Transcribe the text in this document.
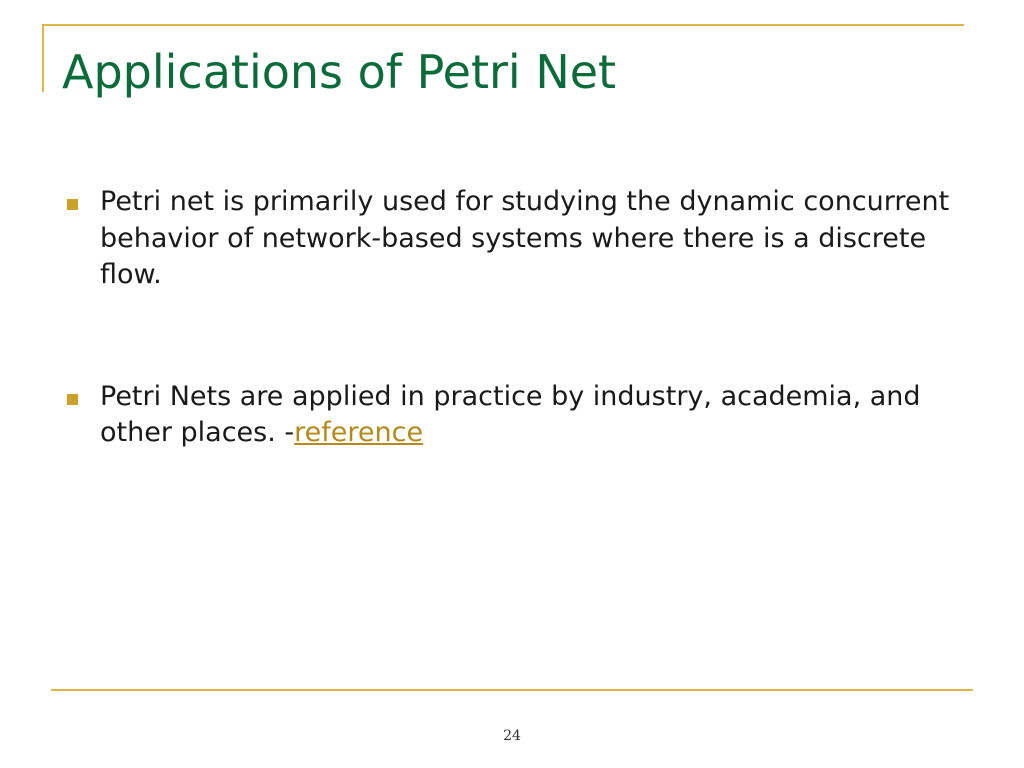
Applications of Petri Net
Petri net is primarily used for studying the dynamic concurrent behavior of network-based systems where there is a discrete flow.
Petri Nets are applied in practice by industry, academia, and other places. -reference
24
